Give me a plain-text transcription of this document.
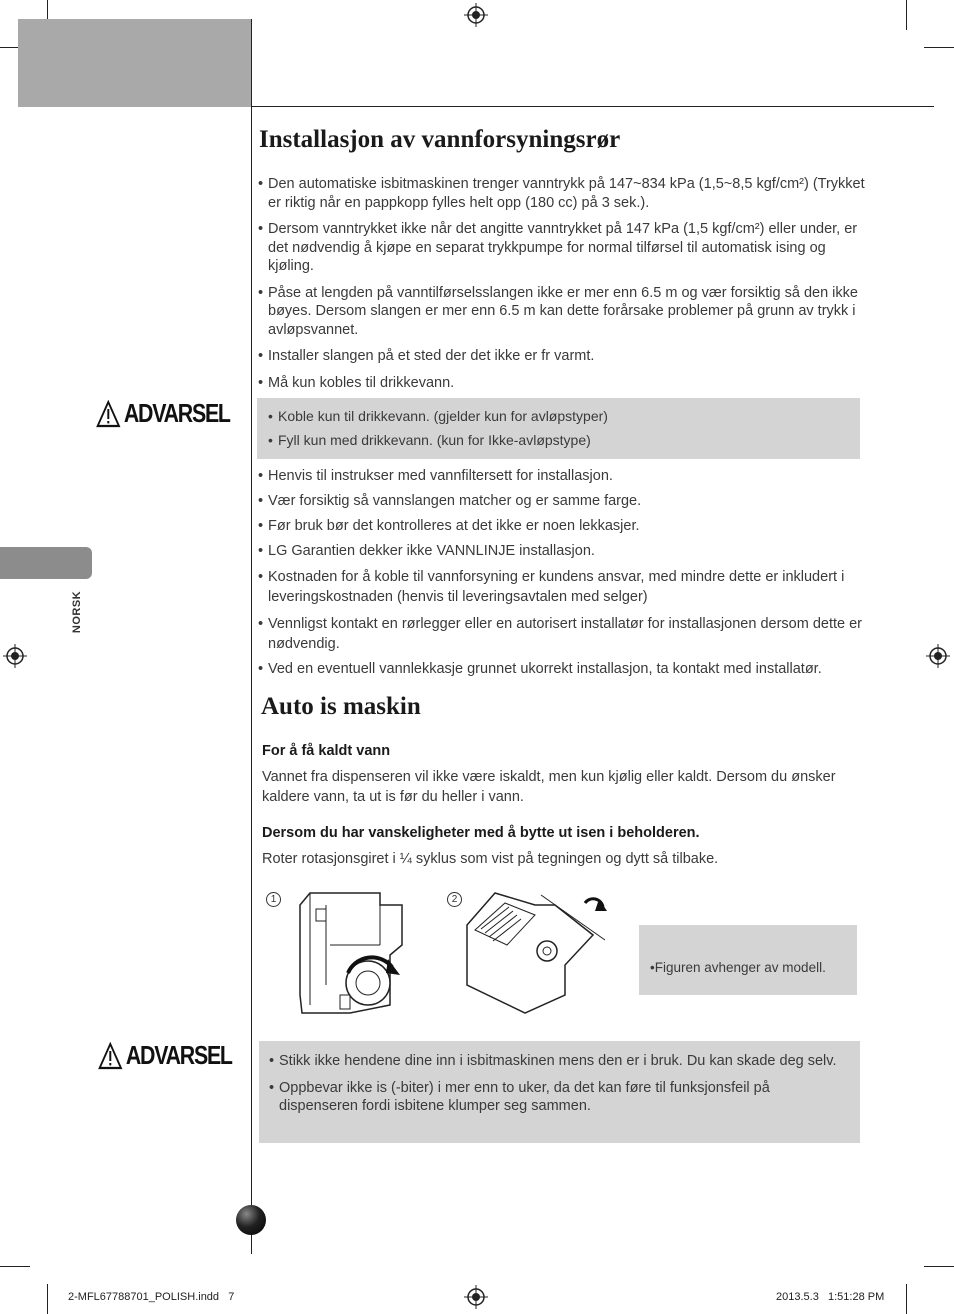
NORSK
Installasjon av vannforsyningsrør
• Den automatiske isbitmaskinen trenger vanntrykk på 147~834 kPa (1,5~8,5 kgf/cm²) (Trykket er riktig når en pappkopp fylles helt opp (180 cc) på 3 sek.).
• Dersom vanntrykket ikke når det angitte vanntrykket på 147 kPa (1,5 kgf/cm²) eller under, er det nødvendig å kjøpe en separat trykkpumpe for normal tilførsel til automatisk ising og kjøling.
• Påse at lengden på vanntilførselsslangen ikke er mer enn 6.5 m og vær forsiktig så den ikke bøyes. Dersom slangen er mer enn 6.5 m kan dette forårsake problemer på grunn av trykk i avløpsvannet.
• Installer slangen på et sted der det ikke er fr varmt.
• Må kun kobles til drikkevann.
ADVARSEL	• Koble kun til drikkevann. (gjelder kun for avløpstyper)
• Fyll kun med drikkevann. (kun for Ikke-avløpstype)
• Henvis til instrukser med vannfiltersett for installasjon.
• Vær forsiktig så vannslangen matcher og er samme farge.
• Før bruk bør det kontrolleres at det ikke er noen lekkasjer.
• LG Garantien dekker ikke VANNLINJE installasjon.
• Kostnaden for å koble til vannforsyning er kundens ansvar, med mindre dette er inkludert i leveringskostnaden (henvis til leveringsavtalen med selger)
• Vennligst kontakt en rørlegger eller en autorisert installatør for installasjonen dersom dette er nødvendig.
• Ved en eventuell vannlekkasje grunnet ukorrekt installasjon, ta kontakt med installatør.
Auto is maskin

For å få kaldt vann

Vannet fra dispenseren vil ikke være iskaldt, men kun kjølig eller kaldt. Dersom du ønsker kaldere vann, ta ut is før du heller i vann.

Dersom du har vanskeligheter med å bytte ut isen i beholderen.

Roter rotasjonsgiret i ¼ syklus som vist på tegningen og dytt så tilbake.

1	2
•Figuren avhenger av modell.
ADVARSEL	• Stikk ikke hendene dine inn i isbitmaskinen mens den er i bruk. Du kan skade deg selv.
• Oppbevar ikke is (-biter) i mer enn to uker, da det kan føre til funksjonsfeil på dispenseren fordi isbitene klumper seg sammen.
2-MFL67788701_POLISH.indd   7	2013.5.3   1:51:28 PM
